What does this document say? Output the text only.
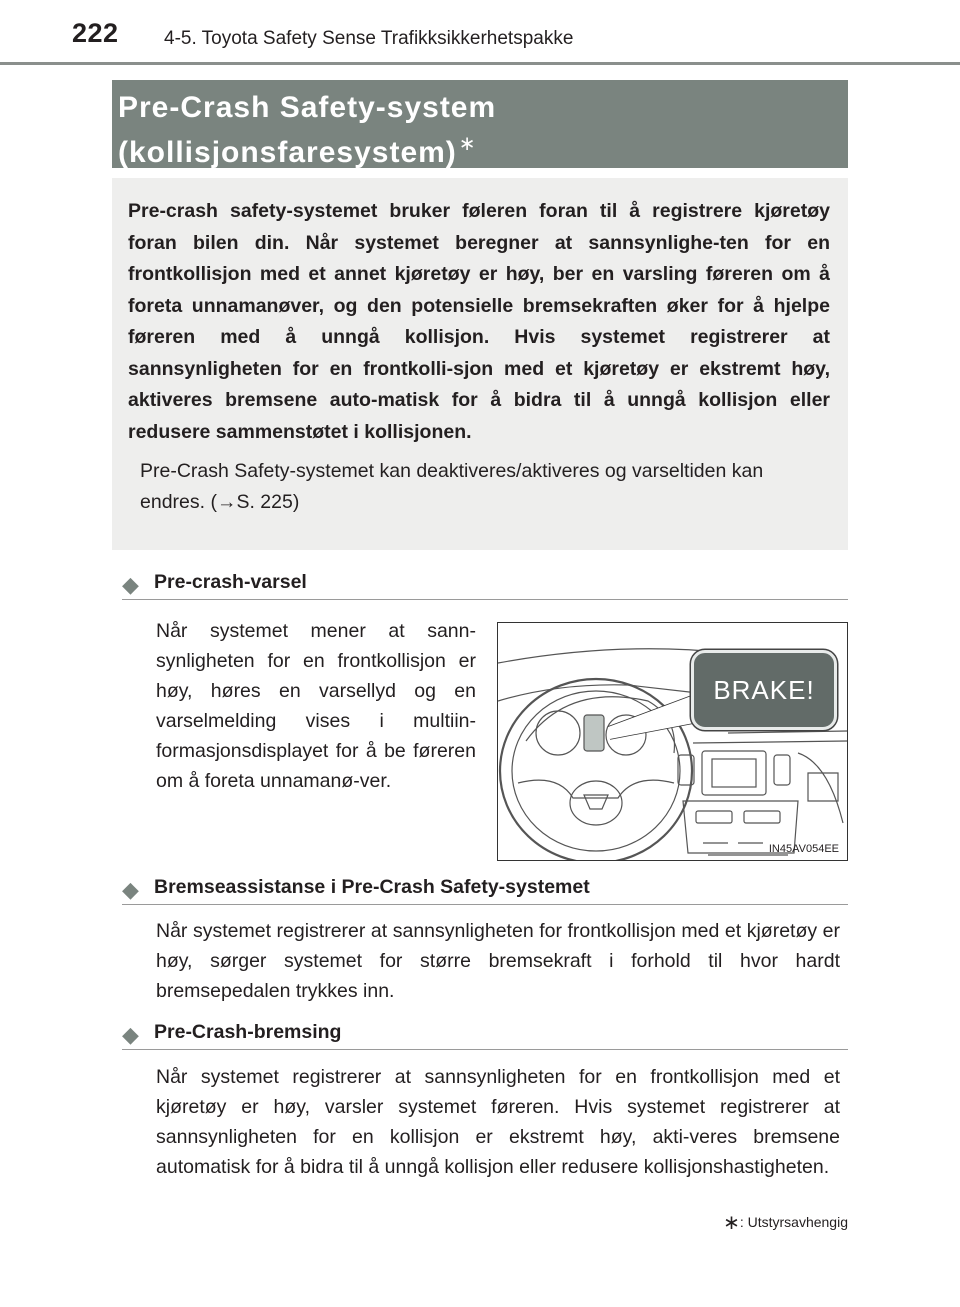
222 4-5. Toyota Safety Sense Trafikksikkerhetspakke
Pre-Crash Safety-system
(kollisjonsfaresystem) ∗

Pre-crash safety-systemet bruker føleren foran til å registrere kjøretøy foran bilen din. Når systemet beregner at sannsynlighe-ten for en frontkollisjon med et annet kjøretøy er høy, ber en varsling føreren om å foreta unnamanøver, og den potensielle bremsekraften øker for å hjelpe føreren med å unngå kollisjon. Hvis systemet registrerer at sannsynligheten for en frontkolli-sjon med et kjøretøy er ekstremt høy, aktiveres bremsene auto-matisk for å bidra til å unngå kollisjon eller redusere sammenstøtet i kollisjonen.

Pre-Crash Safety-systemet kan deaktiveres/aktiveres og varseltiden kan endres. (→S. 225)

◆ Pre-crash-varsel

Når systemet mener at sann-synligheten for en frontkollisjon er høy, høres en varsellyd og en varselmelding vises i multiin-formasjonsdisplayet for å be føreren om å foreta unnamanø-ver.

BRAKE!
IN45AV054EE
◆ Bremseassistanse i Pre-Crash Safety-systemet

Når systemet registrerer at sannsynligheten for frontkollisjon med et kjøretøy er høy, sørger systemet for større bremsekraft i forhold til hvor hardt bremsepedalen trykkes inn.

◆ Pre-Crash-bremsing

Når systemet registrerer at sannsynligheten for en frontkollisjon med et kjøretøy er høy, varsler systemet føreren. Hvis systemet registrerer at sannsynligheten for en kollisjon er ekstremt høy, akti-veres bremsene automatisk for å bidra til å unngå kollisjon eller redusere kollisjonshastigheten.

∗: Utstyrsavhengig
